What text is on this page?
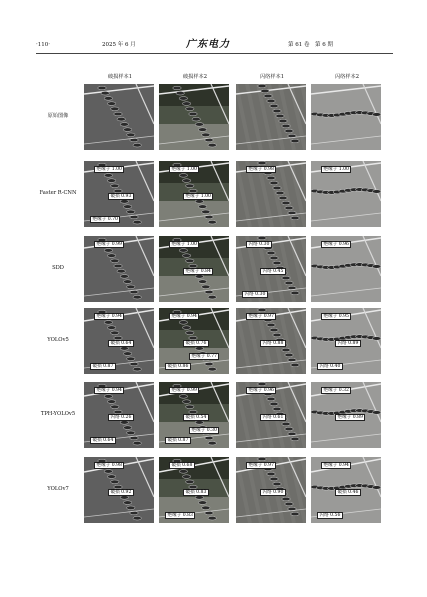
·110·	2025 年 6 月	广东电力	第 61 卷 第 6 期
破损样本1	破损样本2	闪络样本1	闪络样本2
原始图像
Faster R-CNN
绝缘子 1.00
破损 0.93
绝缘子 0.70
绝缘子 1.00
绝缘子 1.00
绝缘子 0.98	绝缘子 1.00
SDD
绝缘子 0.99	绝缘子 1.00
绝缘子 0.84
闪络 0.30
闪络 0.45
闪络 0.30
绝缘子 0.96
YOLOv5
绝缘子 0.94
破损 0.64
破损 0.87
绝缘子 0.94
破损 0.76
破损 0.86
绝缘子 0.77
绝缘子 0.97
闪络 0.88
绝缘子 0.95
闪络 0.89
闪络 0.40
TPH-YOLOv5
绝缘子 0.94
闪络 0.26
破损 0.64
绝缘子 0.99
破损 0.54
破损 0.87
绝缘子 0.30
绝缘子 0.96
闪络 0.61
绝缘子 0.32
绝缘子 0.89
YOLOv7
绝缘子 0.98
破损 0.92
破损 0.68
破损 0.83
绝缘子 0.83
绝缘子 0.97
闪络 0.90
绝缘子 0.94
破损 0.46
闪络 0.56
